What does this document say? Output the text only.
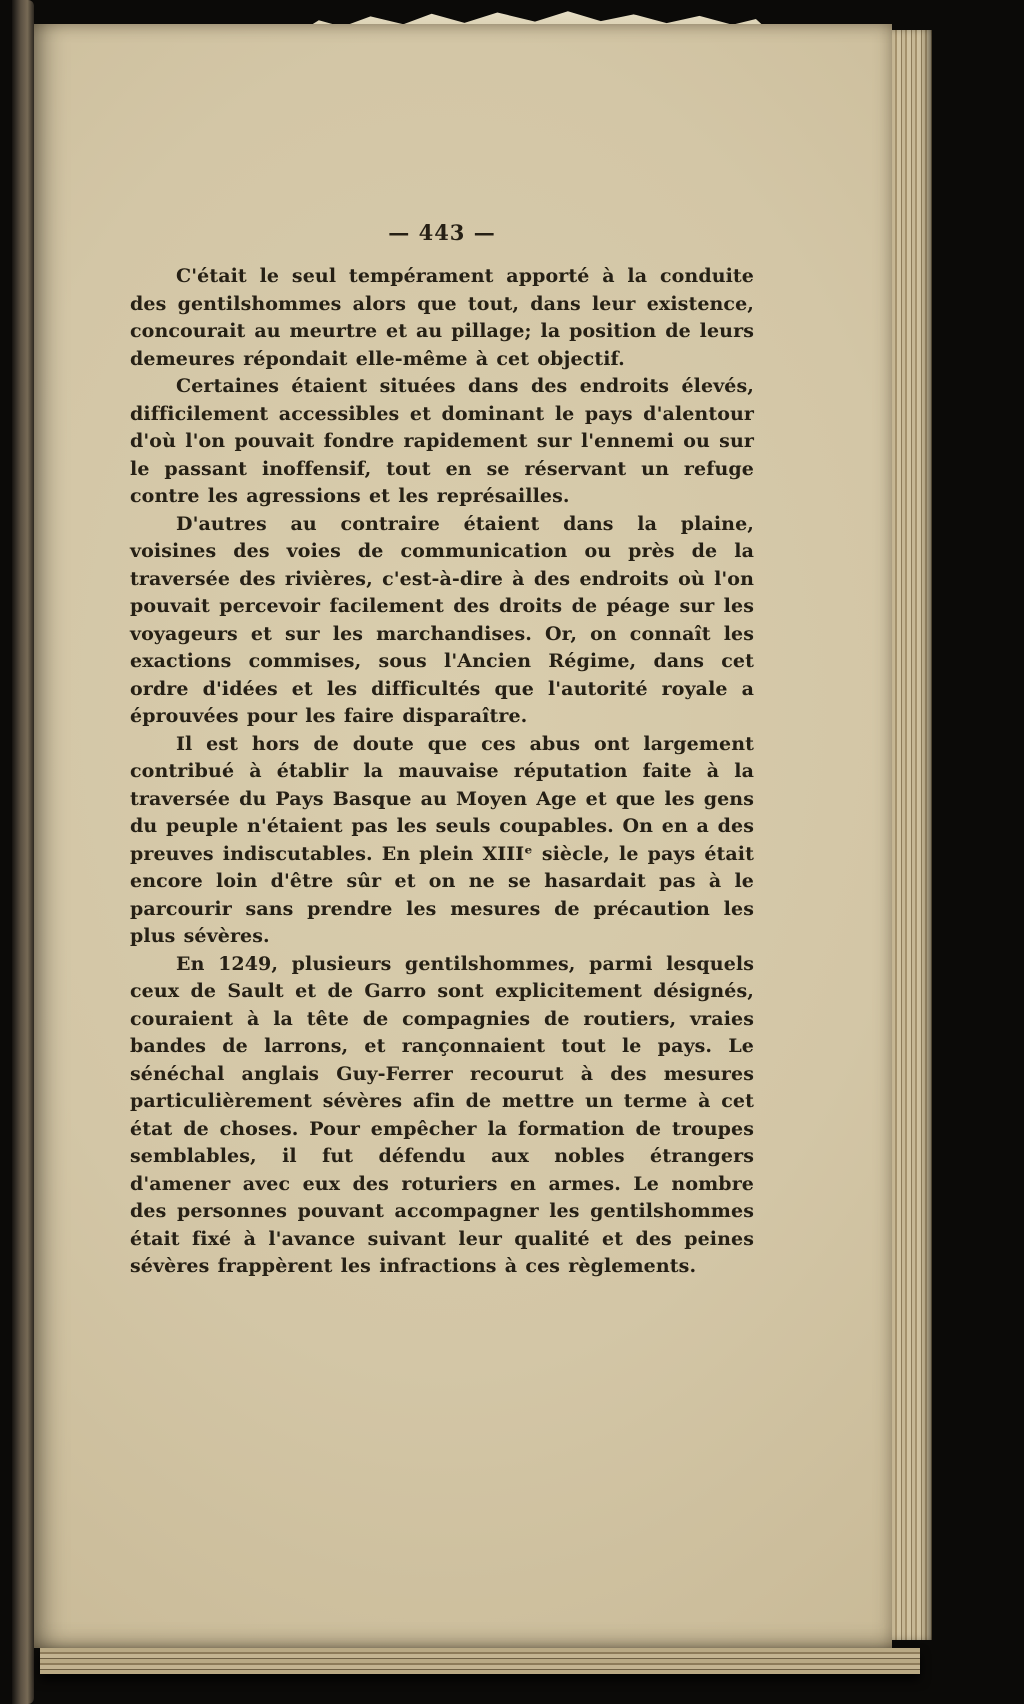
— 443 —

C'était le seul tempérament apporté à la conduite des gentilshommes alors que tout, dans leur existence, concourait au meurtre et au pillage; la position de leurs demeures répondait elle-même à cet objectif.

Certaines étaient situées dans des endroits élevés, difficilement accessibles et dominant le pays d'alentour d'où l'on pouvait fondre rapidement sur l'ennemi ou sur le passant inoffensif, tout en se réservant un refuge contre les agressions et les représailles.

D'autres au contraire étaient dans la plaine, voisines des voies de communication ou près de la traversée des rivières, c'est-à-dire à des endroits où l'on pouvait percevoir facilement des droits de péage sur les voyageurs et sur les marchandises. Or, on connaît les exactions commises, sous l'Ancien Régime, dans cet ordre d'idées et les difficultés que l'autorité royale a éprouvées pour les faire disparaître.

Il est hors de doute que ces abus ont largement contribué à établir la mauvaise réputation faite à la traversée du Pays Basque au Moyen Age et que les gens du peuple n'étaient pas les seuls coupables. On en a des preuves indiscutables. En plein XIIIᵉ siècle, le pays était encore loin d'être sûr et on ne se hasardait pas à le parcourir sans prendre les mesures de précaution les plus sévères.

En 1249, plusieurs gentilshommes, parmi lesquels ceux de Sault et de Garro sont explicitement désignés, couraient à la tête de compagnies de routiers, vraies bandes de larrons, et rançonnaient tout le pays. Le sénéchal anglais Guy-Ferrer recourut à des mesures particulièrement sévères afin de mettre un terme à cet état de choses. Pour empêcher la formation de troupes semblables, il fut défendu aux nobles étrangers d'amener avec eux des roturiers en armes. Le nombre des personnes pouvant accompagner les gentilshommes était fixé à l'avance suivant leur qualité et des peines sévères frappèrent les infractions à ces règlements.
